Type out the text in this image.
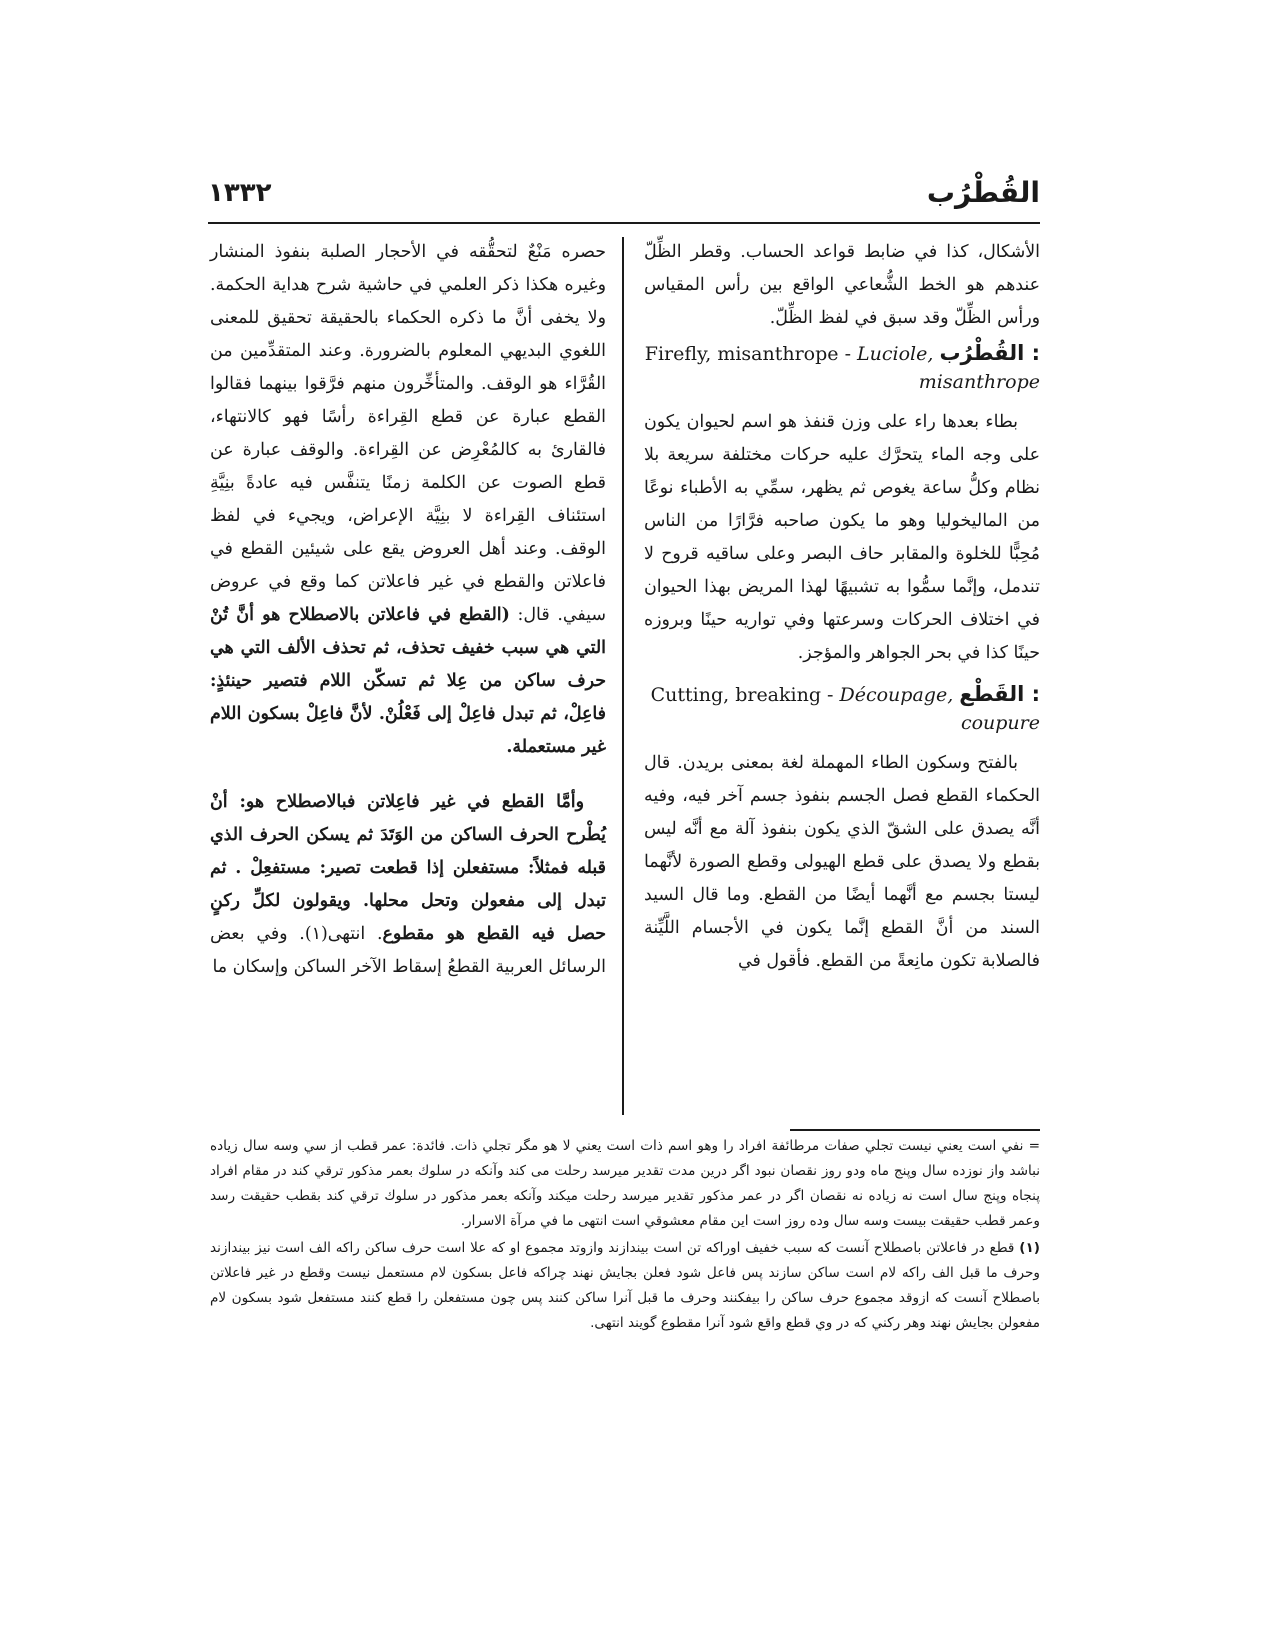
١٣٣٢	القُطْرُب

الأشكال، كذا في ضابط قواعد الحساب. وقطر الظِّلّ عندهم هو الخط الشُّعاعي الواقع بين رأس المقياس ورأس الظِّلّ وقد سبق في لفظ الظِّلّ.

Firefly, misanthrope - Luciole, القُطْرُب :
misanthrope

بطاء بعدها راء على وزن قنفذ هو اسم لحيوان يكون على وجه الماء يتحرَّك عليه حركات مختلفة سريعة بلا نظام وكلُّ ساعة يغوص ثم يظهر، سمِّي به الأطباء نوعًا من الماليخوليا وهو ما يكون صاحبه فرَّارًا من الناس مُحِبًّا للخلوة والمقابر حاف البصر وعلى ساقيه قروح لا تندمل، وإنَّما سمُّوا به تشبيهًا لهذا المريض بهذا الحيوان في اختلاف الحركات وسرعتها وفي تواريه حينًا وبروزه حينًا كذا في بحر الجواهر والمؤجز.

Cutting, breaking - Découpage, القَطْع :
coupure

بالفتح وسكون الطاء المهملة لغة بمعنى بريدن. قال الحكماء القطع فصل الجسم بنفوذ جسم آخر فيه، وفيه أنَّه يصدق على الشقّ الذي يكون بنفوذ آلة مع أنَّه ليس بقطع ولا يصدق على قطع الهيولى وقطع الصورة لأنَّهما ليستا بجسم مع أنَّهما أيضًا من القطع. وما قال السيد السند من أنَّ القطع إنَّما يكون في الأجسام اللَّيِّنة فالصلابة تكون مانِعةً من القطع. فأقول في

حصره مَنْعٌ لتحقُّقه في الأحجار الصلبة بنفوذ المنشار وغيره هكذا ذكر العلمي في حاشية شرح هداية الحكمة. ولا يخفى أنَّ ما ذكره الحكماء بالحقيقة تحقيق للمعنى اللغوي البديهي المعلوم بالضرورة. وعند المتقدِّمين من القُرَّاء هو الوقف. والمتأخِّرون منهم فرَّقوا بينهما فقالوا القطع عبارة عن قطع القِراءة رأسًا فهو كالانتهاء، فالقارئ به كالمُعْرِض عن القِراءة. والوقف عبارة عن قطع الصوت عن الكلمة زمنًا يتنفَّس فيه عادةً بنِيَّةِ استئناف القِراءة لا بنِيَّة الإعراض، ويجيء في لفظ الوقف. وعند أهل العروض يقع على شيئين القطع في فاعلاتن والقطع في غير فاعلاتن كما وقع في عروض سيفي. قال: (القطع في فاعلاتن بالاصطلاح هو أنَّ تُنْ التي هي سبب خفيف تحذف، ثم تحذف الألف التي هي حرف ساكن من عِلا ثم تسكّن اللام فتصير حينئذٍ: فاعِلْ، ثم تبدل فاعِلْ إلى فَعْلُنْ. لأنَّ فاعِلْ بسكون اللام غير مستعملة.

وأمَّا القطع في غير فاعِلاتن فبالاصطلاح هو: أنْ يُطْرح الحرف الساكن من الوَتَدَ ثم يسكن الحرف الذي قبله فمثلاً: مستفعلن إذا قطعت تصير: مستفعِلْ . ثم تبدل إلى مفعولن وتحل محلها. ويقولون لكلِّ ركنٍ حصل فيه القطع هو مقطوع. انتهى(١). وفي بعض الرسائل العربية القطعُ إسقاط الآخر الساكن وإسكان ما

= نفي است يعني نيست تجلي صفات مرطائفة افراد را وهو اسم ذات است يعني لا هو مگر تجلي ذات. فائدة: عمر قطب از سي وسه سال زياده نباشد واز نوزده سال وپنج ماه ودو روز نقصان نبود اگر درين مدت تقدير ميرسد رحلت مى كند وآنكه در سلوك بعمر مذكور ترقي كند در مقام افراد پنجاه وپنج سال است نه زياده نه نقصان اگر در عمر مذكور تقدير ميرسد رحلت ميكند وآنكه بعمر مذكور در سلوك ترقي كند بقطب حقيقت رسد وعمر قطب حقيقت بيست وسه سال وده روز است اين مقام معشوقي است انتهى ما في مرآة الاسرار.

(١) قطع در فاعلاتن باصطلاح آنست كه سبب خفيف اوراكه تن است بيندازند وازوتد مجموع او كه علا است حرف ساكن راكه الف است نيز بيندازند وحرف ما قبل الف راكه لام است ساكن سازند پس فاعل شود فعلن بجايش نهند چراكه فاعل بسكون لام مستعمل نيست وقطع در غير فاعلاتن باصطلاح آنست كه ازوقد مجموع حرف ساكن را بيفكنند وحرف ما قبل آنرا ساكن كنند پس چون مستفعلن را قطع كنند مستفعل شود بسكون لام مفعولن بجايش نهند وهر ركني كه در وي قطع واقع شود آنرا مقطوع گويند انتهى.
